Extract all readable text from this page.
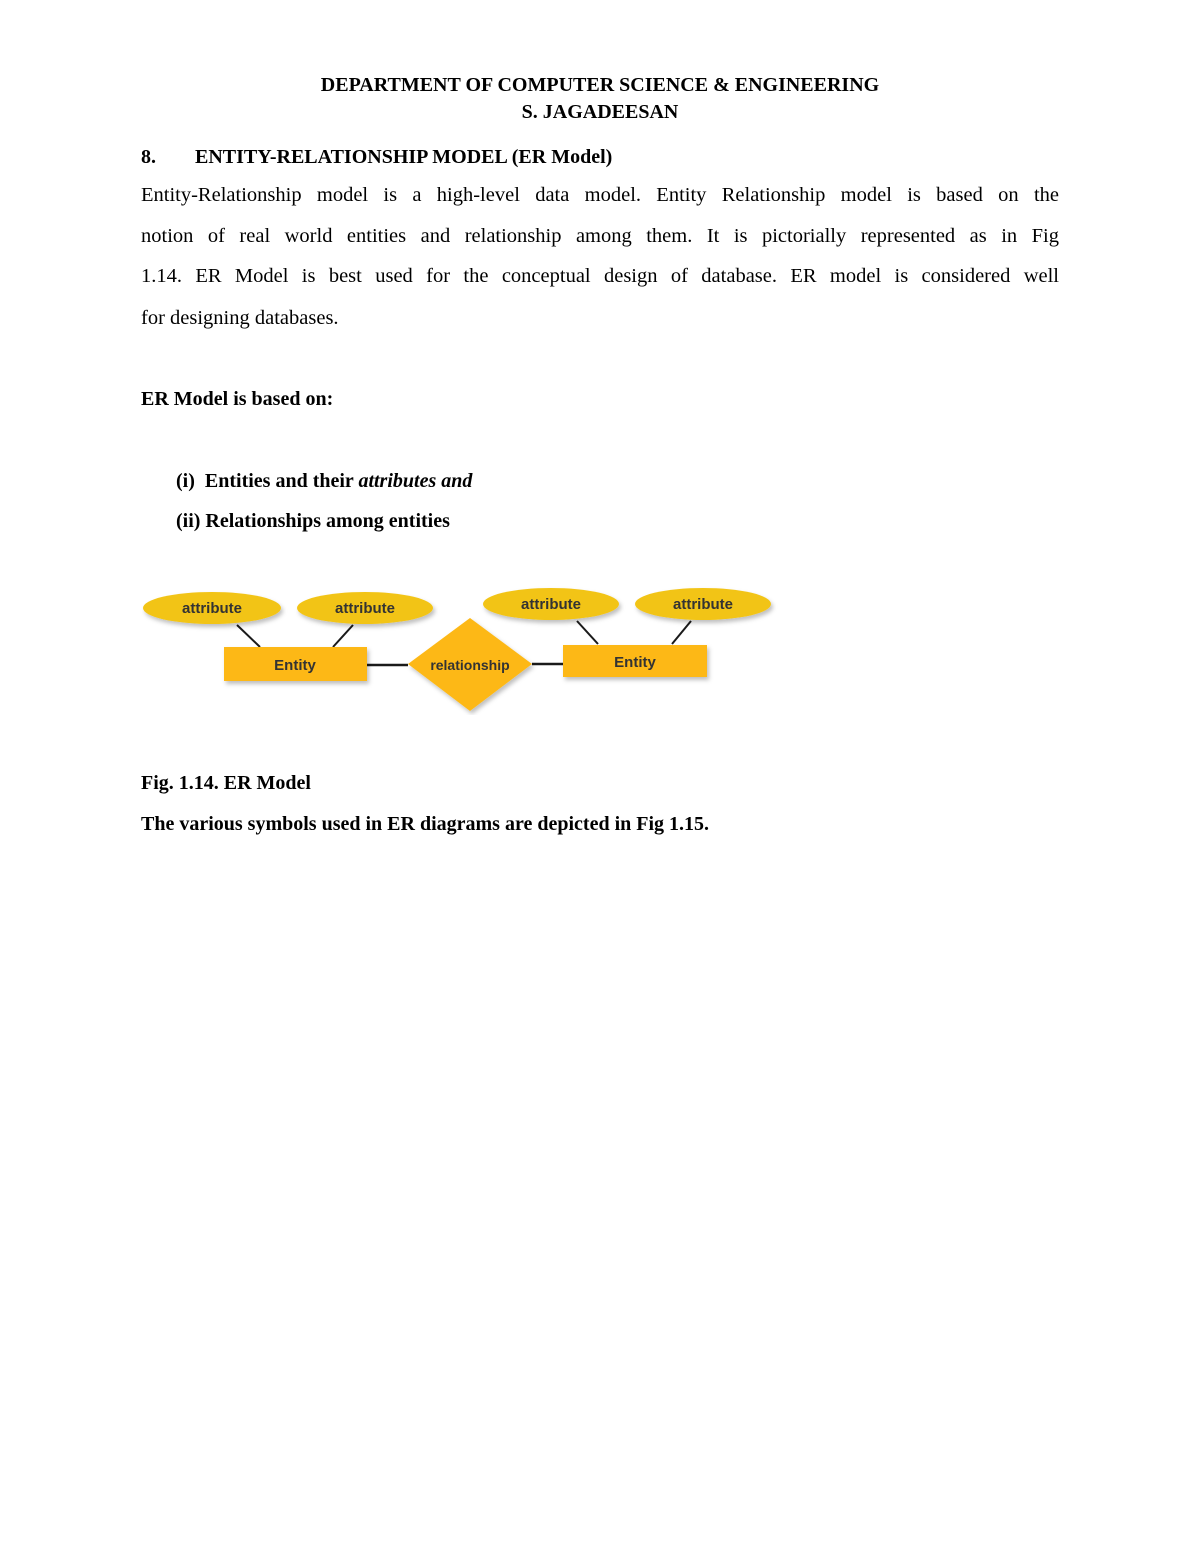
DEPARTMENT OF COMPUTER SCIENCE & ENGINEERING
S. JAGADEESAN
8. ENTITY-RELATIONSHIP MODEL (ER Model)
Entity-Relationship model is a high-level data model. Entity Relationship model is based on the
notion of real world entities and relationship among them. It is pictorially represented as in Fig
1.14. ER Model is best used for the conceptual design of database. ER model is considered well
for designing databases.
ER Model is based on:
(i) Entities and their attributes and
(ii) Relationships among entities
attribute	attribute	attribute	attribute
Entity	Entity
relationship
Fig. 1.14. ER Model
The various symbols used in ER diagrams are depicted in Fig 1.15.
